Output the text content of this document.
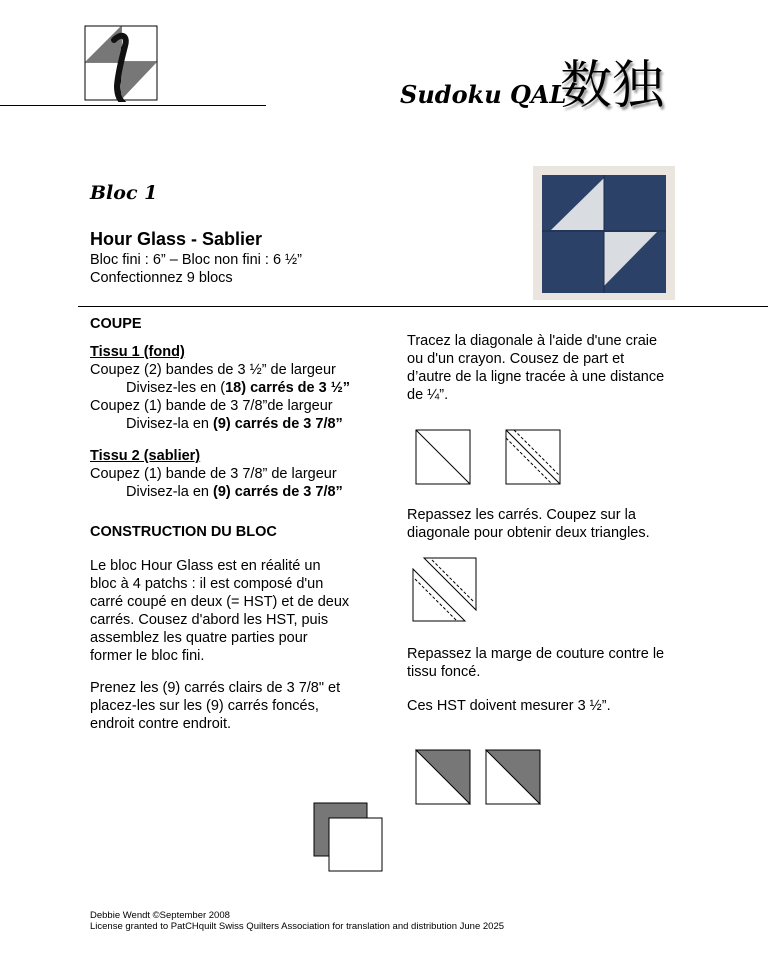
Sudoku QAL
数独
Bloc 1
Hour Glass - Sablier
Bloc fini : 6” – Bloc non fini : 6 ½”
Confectionnez 9 blocs
COUPE
Tissu 1 (fond)
Coupez (2) bandes de 3 ½” de largeur
Divisez-les en (18) carrés de 3 ½”
Coupez (1) bande de 3 7/8”de largeur
Divisez-la en (9) carrés de 3 7/8”
Tissu 2 (sablier)
Coupez (1) bande de 3 7/8” de largeur
Divisez-la en (9) carrés de 3 7/8”
CONSTRUCTION DU BLOC
Le bloc Hour Glass est en réalité un
bloc à 4 patchs : il est composé d'un
carré coupé en deux (= HST) et de deux
carrés. Cousez d'abord les HST, puis
assemblez les quatre parties pour
former le bloc fini.
Prenez les (9) carrés clairs de 3 7/8" et
placez-les sur les (9) carrés foncés,
endroit contre endroit.
Tracez la diagonale à l'aide d'une craie
ou d'un crayon. Cousez de part et
d’autre de la ligne tracée à une distance
de ¼”.
Repassez les carrés. Coupez sur la
diagonale pour obtenir deux triangles.
Repassez la marge de couture contre le
tissu foncé.
Ces HST doivent mesurer 3 ½”.
Debbie Wendt ©September 2008
License granted to PatCHquilt Swiss Quilters Association for translation and distribution June 2025
